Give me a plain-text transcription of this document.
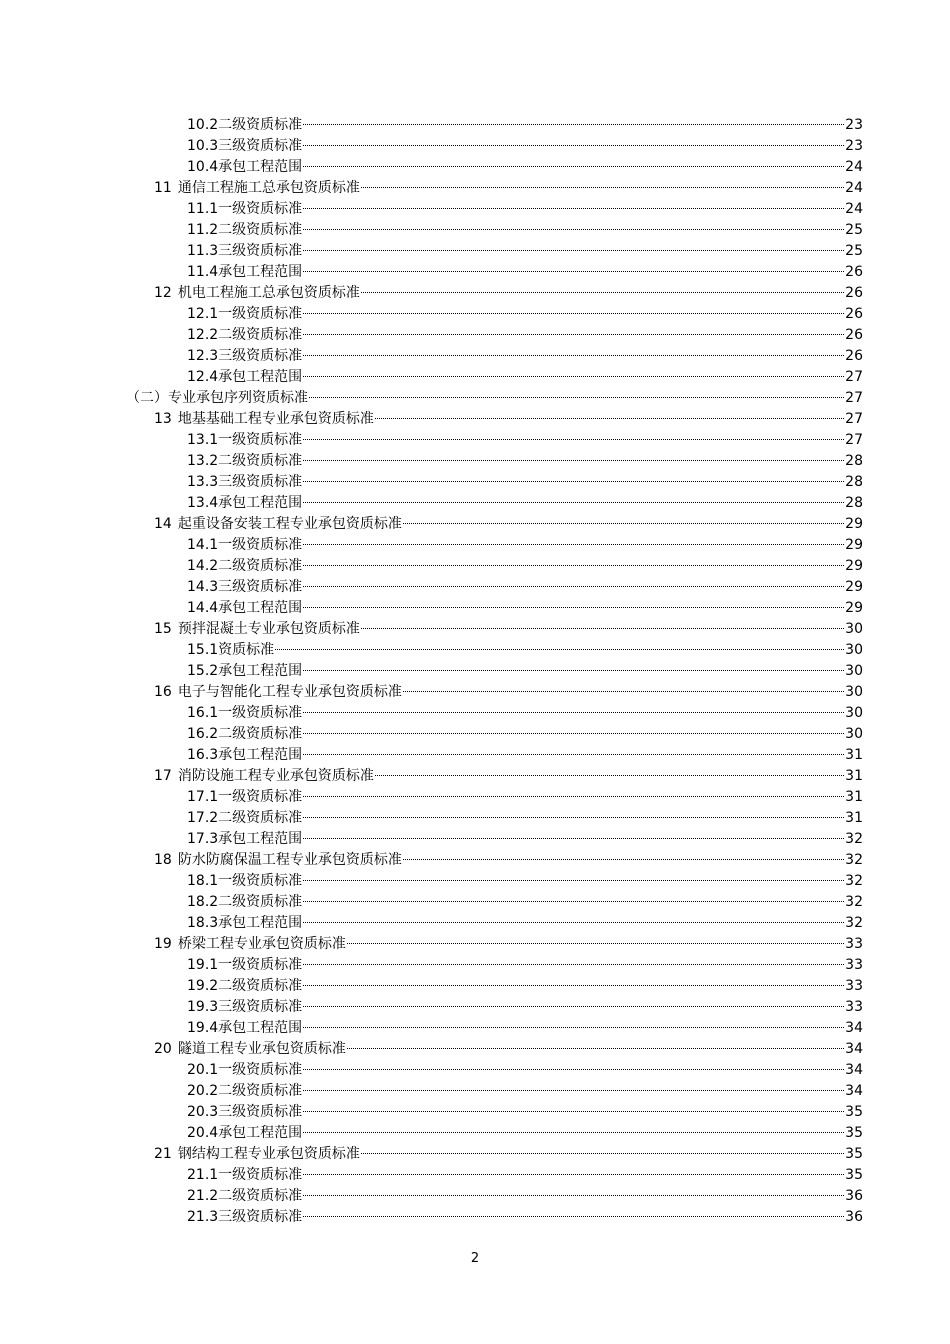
10.2 二级资质标准	23
10.3 三级资质标准	23
10.4 承包工程范围	24
11 通信工程施工总承包资质标准	24
11.1 一级资质标准	24
11.2 二级资质标准	25
11.3 三级资质标准	25
11.4 承包工程范围	26
12 机电工程施工总承包资质标准	26
12.1 一级资质标准	26
12.2 二级资质标准	26
12.3 三级资质标准	26
12.4 承包工程范围	27
（二）专业承包序列资质标准	27
13 地基基础工程专业承包资质标准	27
13.1 一级资质标准	27
13.2 二级资质标准	28
13.3 三级资质标准	28
13.4 承包工程范围	28
14 起重设备安装工程专业承包资质标准	29
14.1 一级资质标准	29
14.2 二级资质标准	29
14.3 三级资质标准	29
14.4 承包工程范围	29
15 预拌混凝土专业承包资质标准	30
15.1 资质标准	30
15.2 承包工程范围	30
16 电子与智能化工程专业承包资质标准	30
16.1 一级资质标准	30
16.2 二级资质标准	30
16.3 承包工程范围	31
17 消防设施工程专业承包资质标准	31
17.1 一级资质标准	31
17.2 二级资质标准	31
17.3 承包工程范围	32
18 防水防腐保温工程专业承包资质标准	32
18.1 一级资质标准	32
18.2 二级资质标准	32
18.3 承包工程范围	32
19 桥梁工程专业承包资质标准	33
19.1 一级资质标准	33
19.2 二级资质标准	33
19.3 三级资质标准	33
19.4 承包工程范围	34
20 隧道工程专业承包资质标准	34
20.1 一级资质标准	34
20.2 二级资质标准	34
20.3 三级资质标准	35
20.4 承包工程范围	35
21 钢结构工程专业承包资质标准	35
21.1 一级资质标准	35
21.2 二级资质标准	36
21.3 三级资质标准	36
2
